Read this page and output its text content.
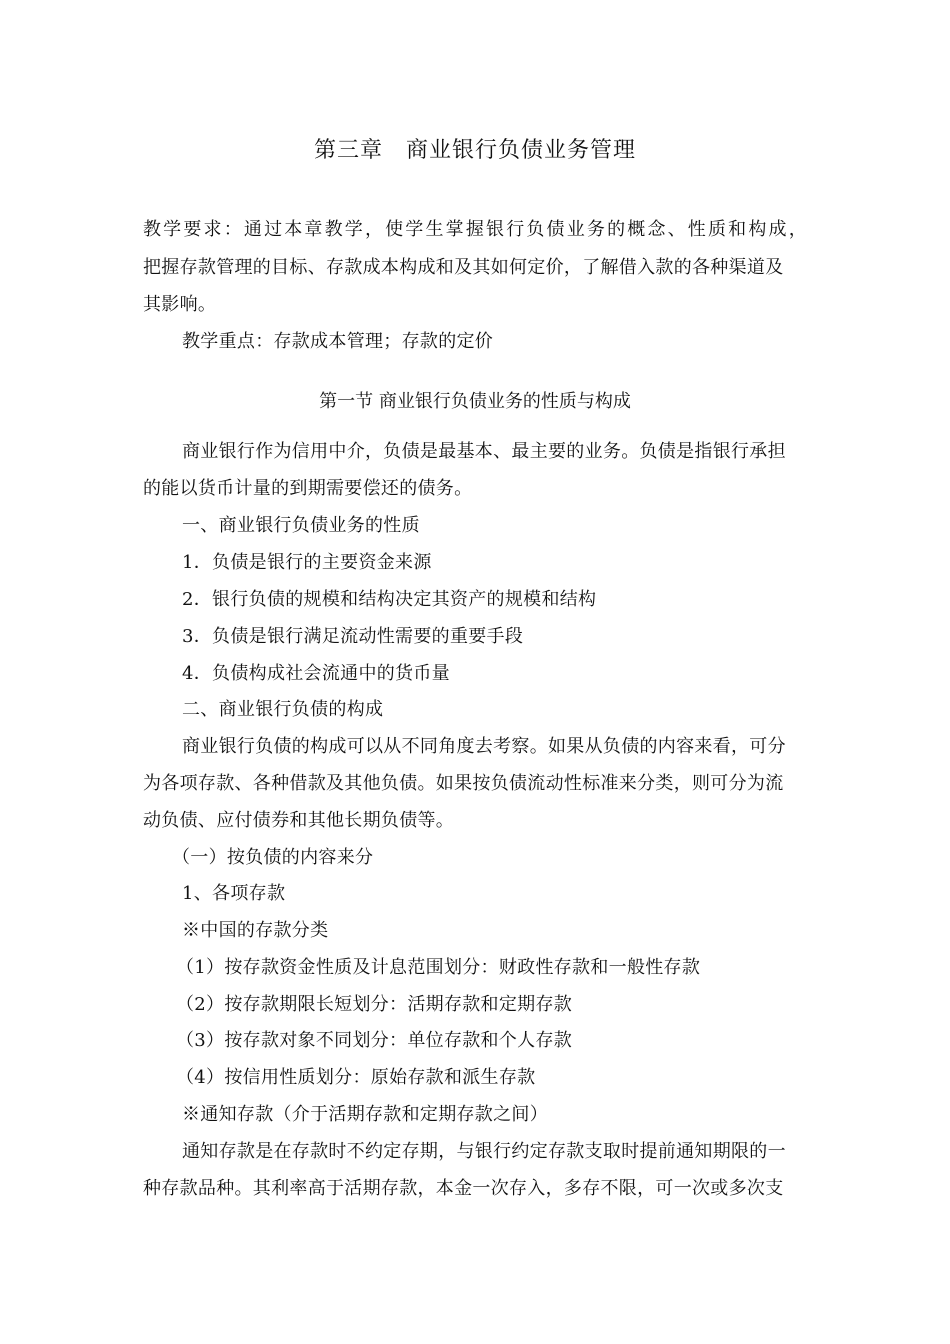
第三章　商业银行负债业务管理
教学要求：通过本章教学，使学生掌握银行负债业务的概念、性质和构成，
把握存款管理的目标、存款成本构成和及其如何定价，了解借入款的各种渠道及
其影响。
教学重点：存款成本管理；存款的定价
第一节 商业银行负债业务的性质与构成
商业银行作为信用中介，负债是最基本、最主要的业务。负债是指银行承担
的能以货币计量的到期需要偿还的债务。
一、商业银行负债业务的性质
1．负债是银行的主要资金来源
2．银行负债的规模和结构决定其资产的规模和结构
3．负债是银行满足流动性需要的重要手段
4．负债构成社会流通中的货币量
二、商业银行负债的构成
商业银行负债的构成可以从不同角度去考察。如果从负债的内容来看，可分
为各项存款、各种借款及其他负债。如果按负债流动性标准来分类，则可分为流
动负债、应付债券和其他长期负债等。
（一）按负债的内容来分
1、各项存款
※中国的存款分类
（1）按存款资金性质及计息范围划分：财政性存款和一般性存款
（2）按存款期限长短划分：活期存款和定期存款
（3）按存款对象不同划分：单位存款和个人存款
（4）按信用性质划分：原始存款和派生存款
※通知存款（介于活期存款和定期存款之间）
通知存款是在存款时不约定存期，与银行约定存款支取时提前通知期限的一
种存款品种。其利率高于活期存款，本金一次存入，多存不限，可一次或多次支
